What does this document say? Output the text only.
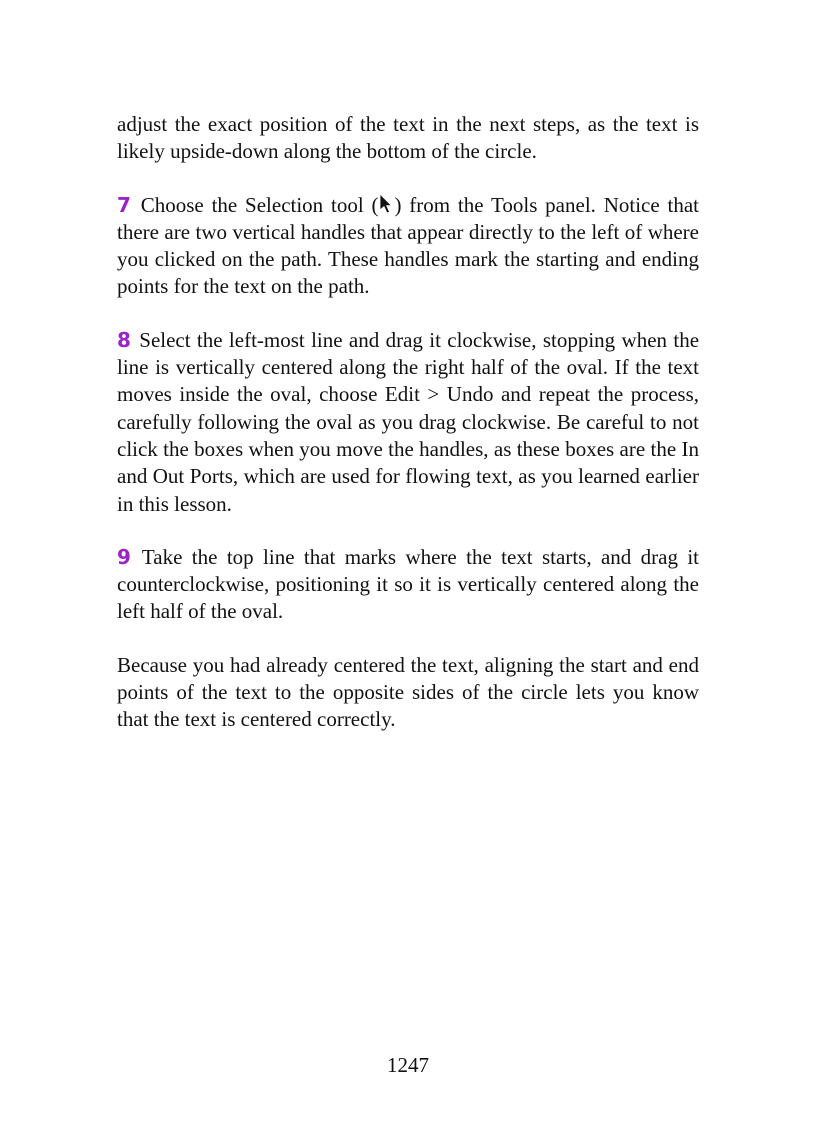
adjust the exact position of the text in the next steps, as the text is likely upside-down along the bottom of the circle.

7 Choose the Selection tool ( ) from the Tools panel. Notice that there are two vertical handles that appear directly to the left of where you clicked on the path. These handles mark the starting and ending points for the text on the path.

8 Select the left-most line and drag it clockwise, stopping when the line is vertically centered along the right half of the oval. If the text moves inside the oval, choose Edit > Undo and repeat the process, carefully following the oval as you drag clockwise. Be careful to not click the boxes when you move the handles, as these boxes are the In and Out Ports, which are used for flowing text, as you learned earlier in this lesson.

9 Take the top line that marks where the text starts, and drag it counterclockwise, positioning it so it is vertically centered along the left half of the oval.

Because you had already centered the text, aligning the start and end points of the text to the opposite sides of the circle lets you know that the text is centered correctly.

1247
